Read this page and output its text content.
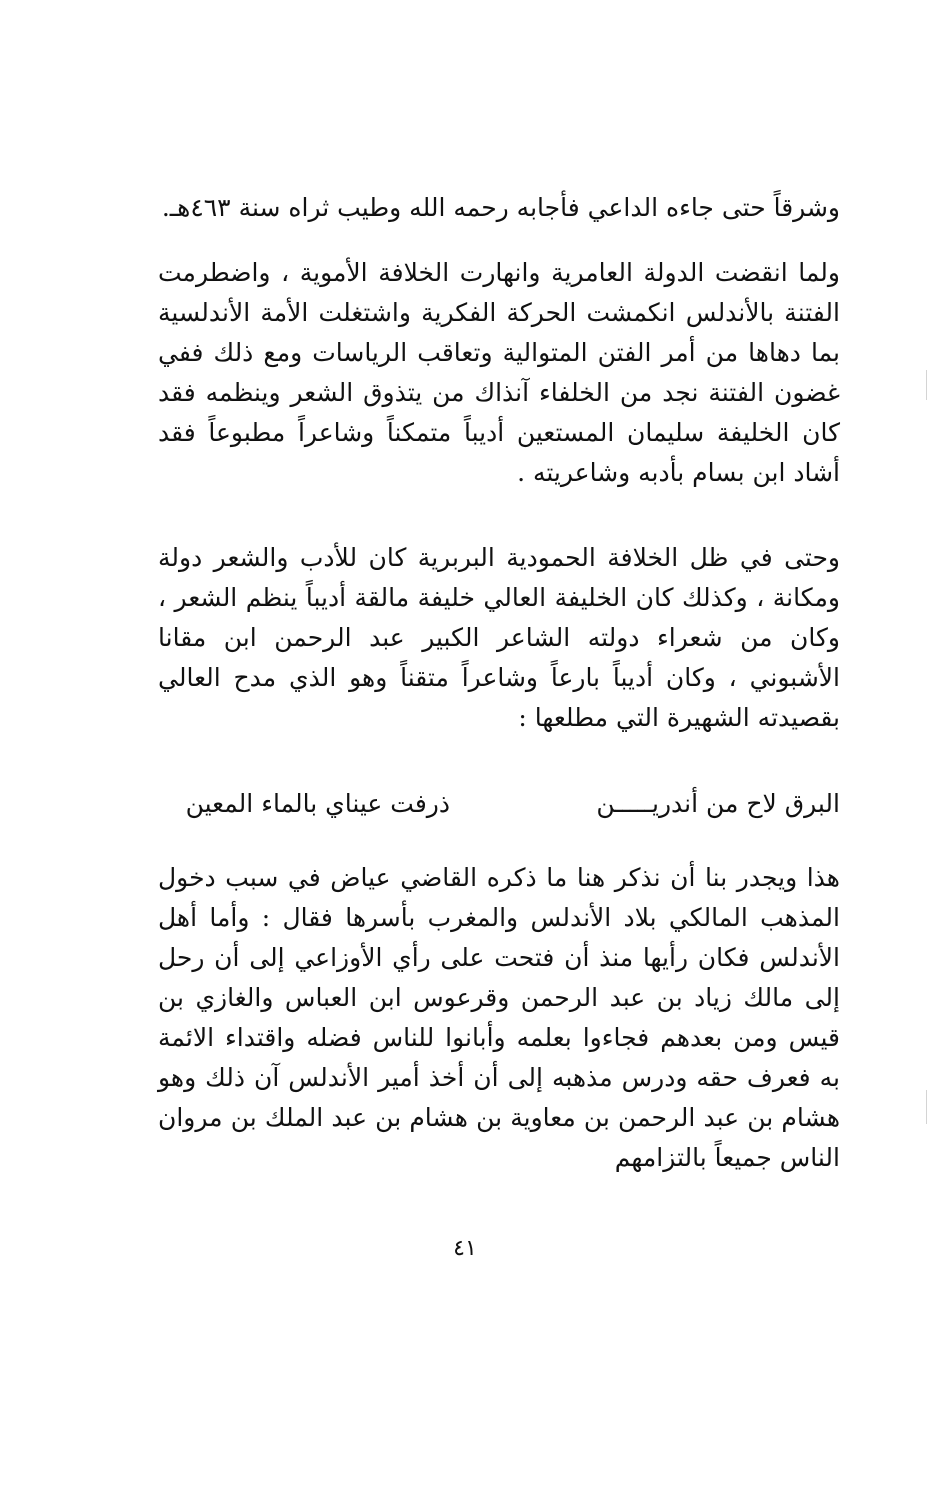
وشرقاً حتى جاءه الداعي فأجابه رحمه الله وطيب ثراه سنة ٤٦٣هـ.

ولما انقضت الدولة العامرية وانهارت الخلافة الأموية ، واضطرمت الفتنة بالأندلس انكمشت الحركة الفكرية واشتغلت الأمة الأندلسية بما دهاها من أمر الفتن المتوالية وتعاقب الرياسات ومع ذلك ففي غضون الفتنة نجد من الخلفاء آنذاك من يتذوق الشعر وينظمه فقد كان الخليفة سليمان المستعين أديباً متمكناً وشاعراً مطبوعاً فقد أشاد ابن بسام بأدبه وشاعريته .

وحتى في ظل الخلافة الحمودية البربرية كان للأدب والشعر دولة ومكانة ، وكذلك كان الخليفة العالي خليفة مالقة أديباً ينظم الشعر ، وكان من شعراء دولته الشاعر الكبير عبد الرحمن ابن مقانا الأشبوني ، وكان أديباً بارعاً وشاعراً متقناً وهو الذي مدح العالي بقصيدته الشهيرة التي مطلعها :

البرق لاح من أندريـــــن
ذرفت عيناي بالماء المعين

هذا ويجدر بنا أن نذكر هنا ما ذكره القاضي عياض في سبب دخول المذهب المالكي بلاد الأندلس والمغرب بأسرها فقال : وأما أهل الأندلس فكان رأيها منذ أن فتحت على رأي الأوزاعي إلى أن رحل إلى مالك زياد بن عبد الرحمن وقرعوس ابن العباس والغازي بن قيس ومن بعدهم فجاءوا بعلمه وأبانوا للناس فضله واقتداء الائمة به فعرف حقه ودرس مذهبه إلى أن أخذ أمير الأندلس آن ذلك وهو هشام بن عبد الرحمن بن معاوية بن هشام بن عبد الملك بن مروان الناس جميعاً بالتزامهم

٤١
